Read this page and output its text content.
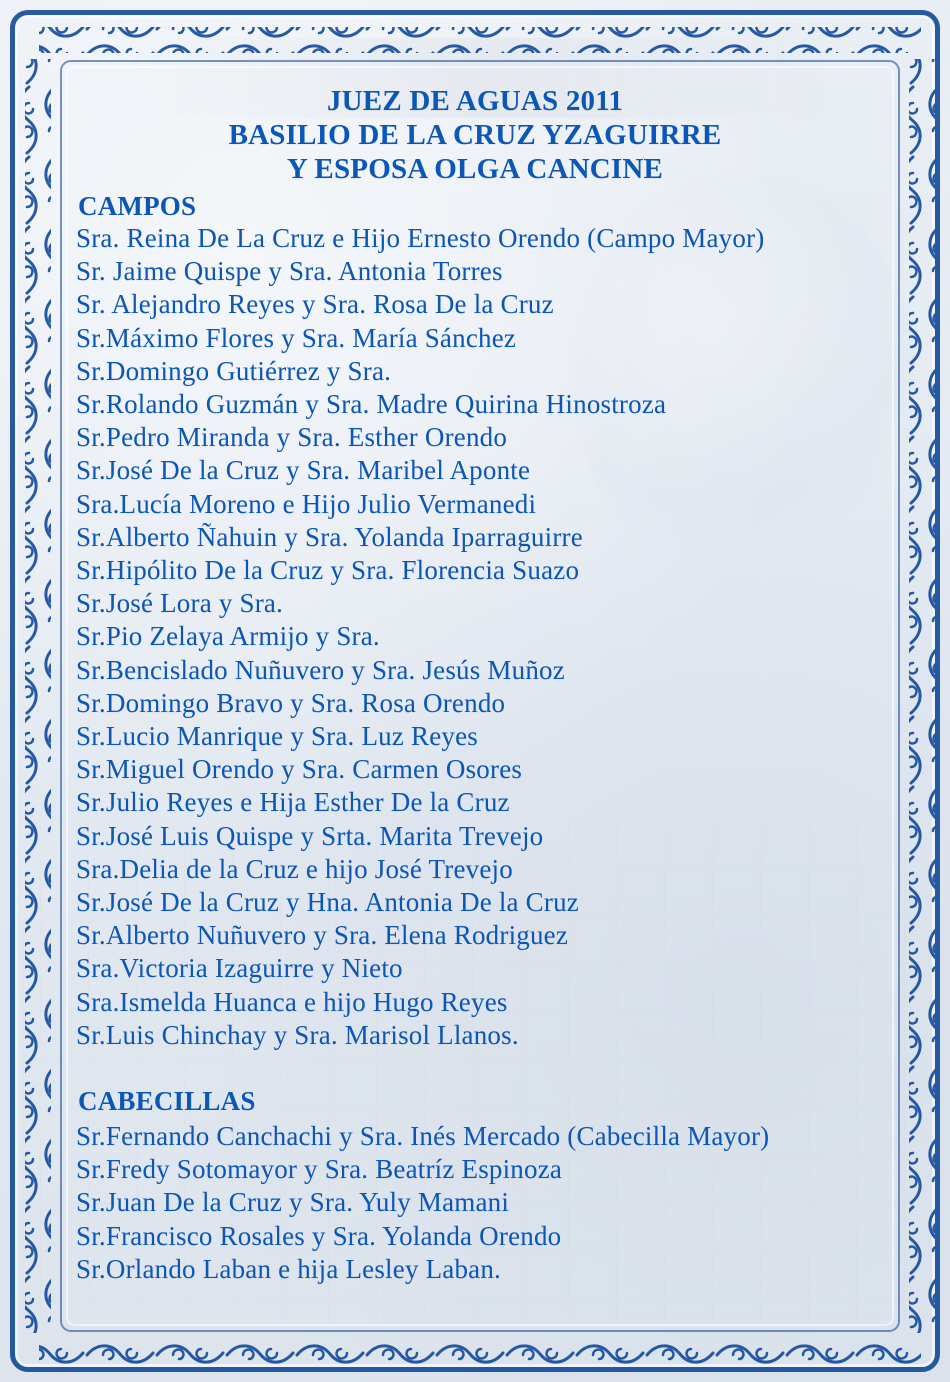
JUEZ DE AGUAS 2011
BASILIO DE LA CRUZ YZAGUIRRE
Y ESPOSA OLGA CANCINE
CAMPOS
Sra. Reina De La Cruz e Hijo Ernesto Orendo (Campo Mayor)
Sr. Jaime Quispe y Sra. Antonia Torres
Sr. Alejandro Reyes y Sra. Rosa De la Cruz
Sr.Máximo Flores y Sra. María Sánchez
Sr.Domingo Gutiérrez y Sra.
Sr.Rolando Guzmán y Sra. Madre Quirina Hinostroza
Sr.Pedro Miranda y Sra. Esther Orendo
Sr.José De la Cruz y Sra. Maribel Aponte
Sra.Lucía Moreno e Hijo Julio Vermanedi
Sr.Alberto Ñahuin y Sra. Yolanda Iparraguirre
Sr.Hipólito De la Cruz y Sra. Florencia Suazo
Sr.José Lora y Sra.
Sr.Pio Zelaya Armijo y Sra.
Sr.Bencislado Nuñuvero y Sra. Jesús Muñoz
Sr.Domingo Bravo y Sra. Rosa Orendo
Sr.Lucio Manrique y Sra. Luz Reyes
Sr.Miguel Orendo y Sra. Carmen Osores
Sr.Julio Reyes e Hija Esther De la Cruz
Sr.José Luis Quispe y Srta. Marita Trevejo
Sra.Delia de la Cruz e hijo José Trevejo
Sr.José De la Cruz y Hna. Antonia De la Cruz
Sr.Alberto Nuñuvero y Sra. Elena Rodriguez
Sra.Victoria Izaguirre y Nieto
Sra.Ismelda Huanca e hijo Hugo Reyes
Sr.Luis Chinchay y Sra. Marisol Llanos.
CABECILLAS
Sr.Fernando Canchachi y Sra. Inés Mercado (Cabecilla Mayor)
Sr.Fredy Sotomayor y Sra. Beatríz Espinoza
Sr.Juan De la Cruz y Sra. Yuly Mamani
Sr.Francisco Rosales y Sra. Yolanda Orendo
Sr.Orlando Laban e hija Lesley Laban.
